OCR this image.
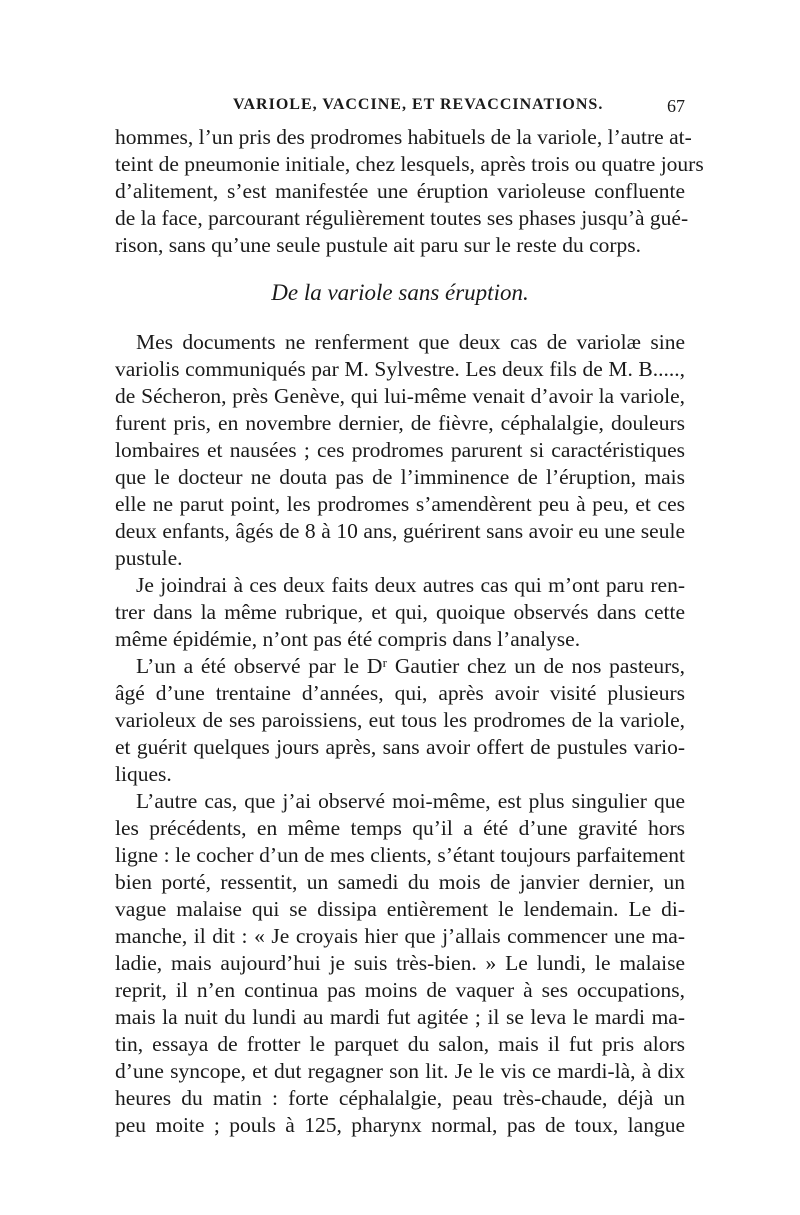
VARIOLE, VACCINE, ET REVACCINATIONS.	67
hommes, l’un pris des prodromes habituels de la variole, l’autre at-
teint de pneumonie initiale, chez lesquels, après trois ou quatre jours
d’alitement, s’est manifestée une éruption varioleuse confluente
de la face, parcourant régulièrement toutes ses phases jusqu’à gué-
rison, sans qu’une seule pustule ait paru sur le reste du corps.
De la variole sans éruption.
Mes documents ne renferment que deux cas de variolæ sine
variolis communiqués par M. Sylvestre. Les deux fils de M. B.....,
de Sécheron, près Genève, qui lui-même venait d’avoir la variole,
furent pris, en novembre dernier, de fièvre, céphalalgie, douleurs
lombaires et nausées ; ces prodromes parurent si caractéristiques
que le docteur ne douta pas de l’imminence de l’éruption, mais
elle ne parut point, les prodromes s’amendèrent peu à peu, et ces
deux enfants, âgés de 8 à 10 ans, guérirent sans avoir eu une seule
pustule.
Je joindrai à ces deux faits deux autres cas qui m’ont paru ren-
trer dans la même rubrique, et qui, quoique observés dans cette
même épidémie, n’ont pas été compris dans l’analyse.
L’un a été observé par le Dʳ Gautier chez un de nos pasteurs,
âgé d’une trentaine d’années, qui, après avoir visité plusieurs
varioleux de ses paroissiens, eut tous les prodromes de la variole,
et guérit quelques jours après, sans avoir offert de pustules vario-
liques.
L’autre cas, que j’ai observé moi-même, est plus singulier que
les précédents, en même temps qu’il a été d’une gravité hors
ligne : le cocher d’un de mes clients, s’étant toujours parfaitement
bien porté, ressentit, un samedi du mois de janvier dernier, un
vague malaise qui se dissipa entièrement le lendemain. Le di-
manche, il dit : « Je croyais hier que j’allais commencer une ma-
ladie, mais aujourd’hui je suis très-bien. » Le lundi, le malaise
reprit, il n’en continua pas moins de vaquer à ses occupations,
mais la nuit du lundi au mardi fut agitée ; il se leva le mardi ma-
tin, essaya de frotter le parquet du salon, mais il fut pris alors
d’une syncope, et dut regagner son lit. Je le vis ce mardi-là, à dix
heures du matin : forte céphalalgie, peau très-chaude, déjà un
peu moite ; pouls à 125, pharynx normal, pas de toux, langue
